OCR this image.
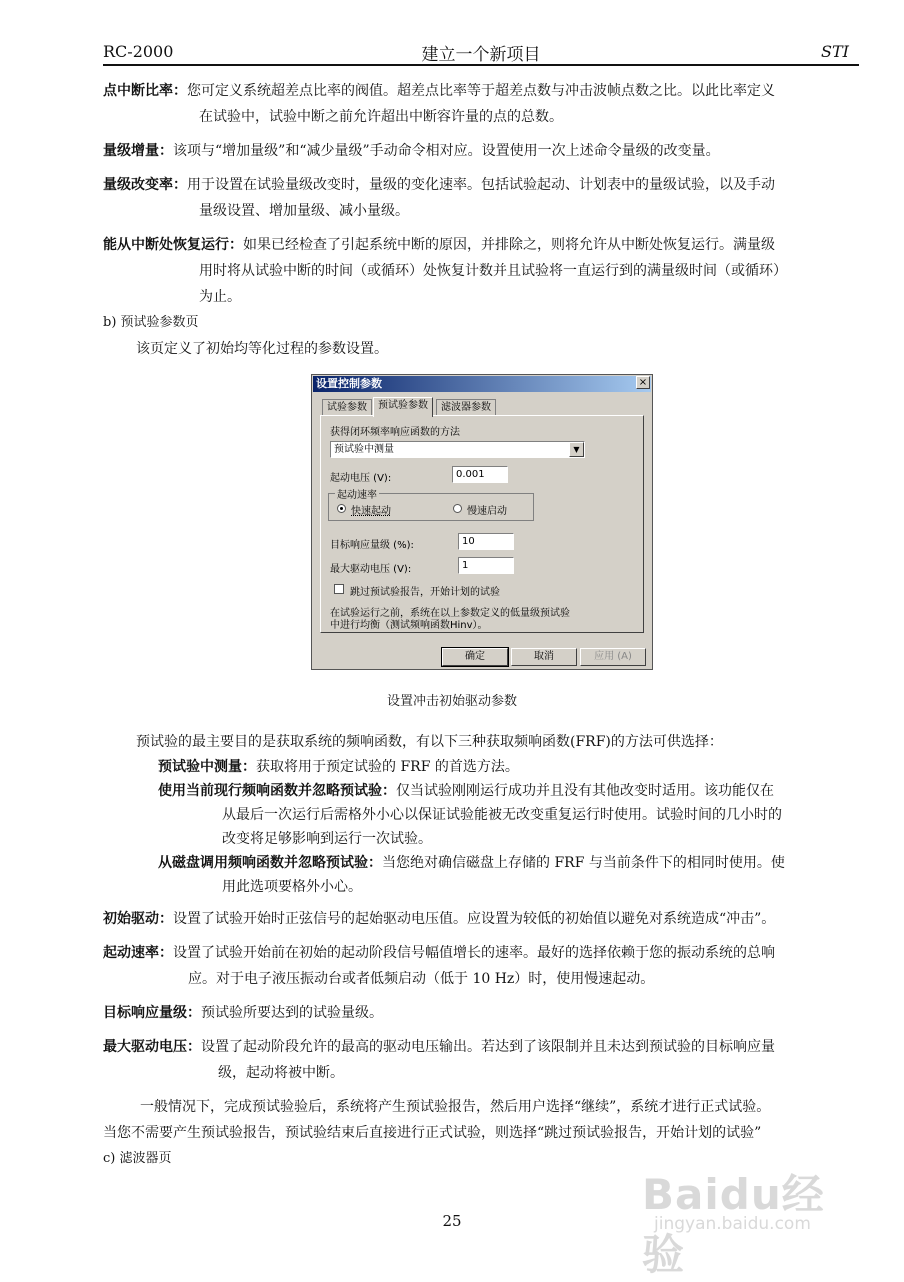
RC-2000	建立一个新项目	STI
点中断比率：您可定义系统超差点比率的阀值。超差点比率等于超差点数与冲击波帧点数之比。以此比率定义
在试验中，试验中断之前允许超出中断容许量的点的总数。
量级增量：该项与“增加量级”和“减少量级”手动命令相对应。设置使用一次上述命令量级的改变量。
量级改变率：用于设置在试验量级改变时，量级的变化速率。包括试验起动、计划表中的量级试验，以及手动
量级设置、增加量级、减小量级。
能从中断处恢复运行：如果已经检查了引起系统中断的原因，并排除之，则将允许从中断处恢复运行。满量级
用时将从试验中断的时间（或循环）处恢复计数并且试验将一直运行到的满量级时间（或循环）
为止。
b) 预试验参数页
该页定义了初始均等化过程的参数设置。
设置控制参数	×
试验参数	预试验参数	滤波器参数
获得闭环频率响应函数的方法
预试验中测量	▼
起动电压 (V):	0.001
起动速率
快速起动	慢速启动
目标响应量级 (%):	10
最大驱动电压 (V):	1
跳过预试验报告，开始计划的试验
在试验运行之前，系统在以上参数定义的低量级预试验
中进行均衡（测试频响函数Hinv）。
确定	取消	应用 (A)
设置冲击初始驱动参数
预试验的最主要目的是获取系统的频响函数，有以下三种获取频响函数(FRF)的方法可供选择：
预试验中测量：获取将用于预定试验的 FRF 的首选方法。
使用当前现行频响函数并忽略预试验：仅当试验刚刚运行成功并且没有其他改变时适用。该功能仅在
从最后一次运行后需格外小心以保证试验能被无改变重复运行时使用。试验时间的几小时的
改变将足够影响到运行一次试验。
从磁盘调用频响函数并忽略预试验：当您绝对确信磁盘上存储的 FRF 与当前条件下的相同时使用。使
用此选项要格外小心。
初始驱动：设置了试验开始时正弦信号的起始驱动电压值。应设置为较低的初始值以避免对系统造成“冲击”。
起动速率：设置了试验开始前在初始的起动阶段信号幅值增长的速率。最好的选择依赖于您的振动系统的总响
应。对于电子液压振动台或者低频启动（低于 10 Hz）时，使用慢速起动。
目标响应量级：预试验所要达到的试验量级。
最大驱动电压：设置了起动阶段允许的最高的驱动电压输出。若达到了该限制并且未达到预试验的目标响应量
级，起动将被中断。
一般情况下，完成预试验验后，系统将产生预试验报告，然后用户选择“继续”，系统才进行正式试验。
当您不需要产生预试验报告，预试验结束后直接进行正式试验，则选择“跳过预试验报告，开始计划的试验”
c) 滤波器页
Baidu经验
jingyan.baidu.com
25
